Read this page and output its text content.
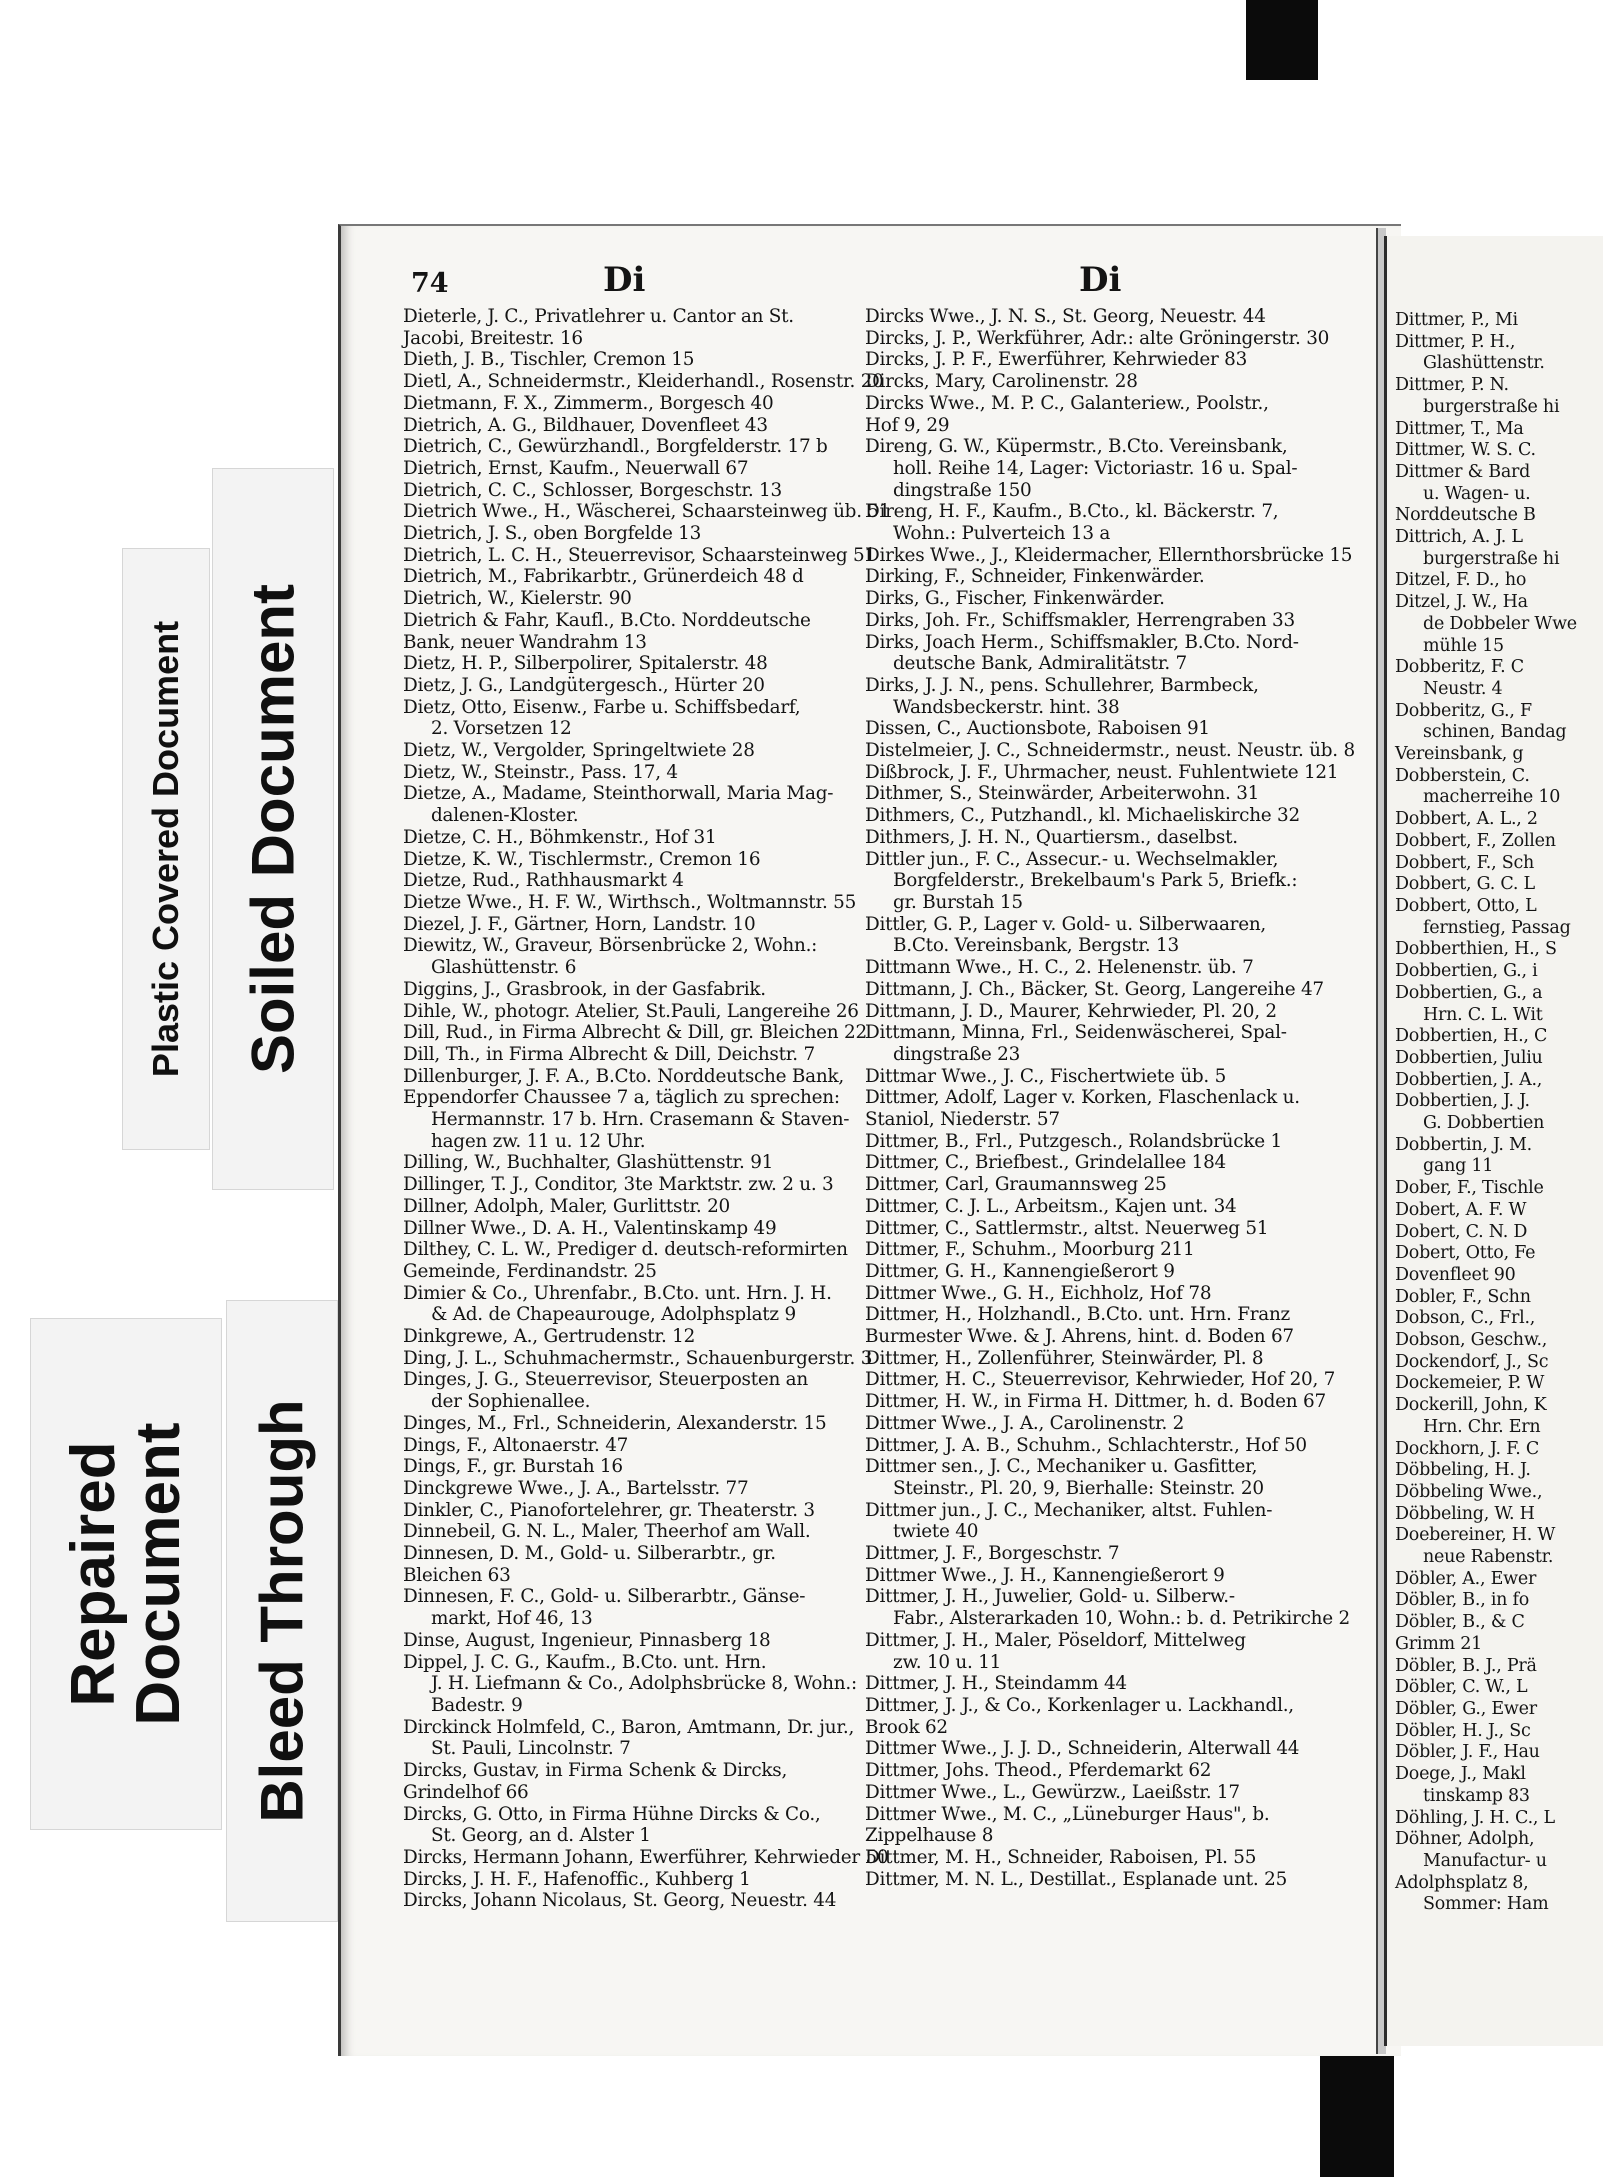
Plastic Covered Document Soiled Document
Repaired
Document Bleed Through
74	Di	Di
Dieterle, J. C., Privatlehrer u. Cantor an St.
Jacobi, Breitestr. 16
Dieth, J. B., Tischler, Cremon 15
Dietl, A., Schneidermstr., Kleiderhandl., Rosenstr. 20
Dietmann, F. X., Zimmerm., Borgesch 40
Dietrich, A. G., Bildhauer, Dovenfleet 43
Dietrich, C., Gewürzhandl., Borgfelderstr. 17 b
Dietrich, Ernst, Kaufm., Neuerwall 67
Dietrich, C. C., Schlosser, Borgeschstr. 13
Dietrich Wwe., H., Wäscherei, Schaarsteinweg üb. 51
Dietrich, J. S., oben Borgfelde 13
Dietrich, L. C. H., Steuerrevisor, Schaarsteinweg 51
Dietrich, M., Fabrikarbtr., Grünerdeich 48 d
Dietrich, W., Kielerstr. 90
Dietrich & Fahr, Kaufl., B.Cto. Norddeutsche
Bank, neuer Wandrahm 13
Dietz, H. P., Silberpolirer, Spitalerstr. 48
Dietz, J. G., Landgütergesch., Hürter 20
Dietz, Otto, Eisenw., Farbe u. Schiffsbedarf,
2. Vorsetzen 12
Dietz, W., Vergolder, Springeltwiete 28
Dietz, W., Steinstr., Pass. 17, 4
Dietze, A., Madame, Steinthorwall, Maria Mag-
dalenen-Kloster.
Dietze, C. H., Böhmkenstr., Hof 31
Dietze, K. W., Tischlermstr., Cremon 16
Dietze, Rud., Rathhausmarkt 4
Dietze Wwe., H. F. W., Wirthsch., Woltmannstr. 55
Diezel, J. F., Gärtner, Horn, Landstr. 10
Diewitz, W., Graveur, Börsenbrücke 2, Wohn.:
Glashüttenstr. 6
Diggins, J., Grasbrook, in der Gasfabrik.
Dihle, W., photogr. Atelier, St.Pauli, Langereihe 26
Dill, Rud., in Firma Albrecht & Dill, gr. Bleichen 22
Dill, Th., in Firma Albrecht & Dill, Deichstr. 7
Dillenburger, J. F. A., B.Cto. Norddeutsche Bank,
Eppendorfer Chaussee 7 a, täglich zu sprechen:
Hermannstr. 17 b. Hrn. Crasemann & Staven-
hagen zw. 11 u. 12 Uhr.
Dilling, W., Buchhalter, Glashüttenstr. 91
Dillinger, T. J., Conditor, 3te Marktstr. zw. 2 u. 3
Dillner, Adolph, Maler, Gurlittstr. 20
Dillner Wwe., D. A. H., Valentinskamp 49
Dilthey, C. L. W., Prediger d. deutsch-reformirten
Gemeinde, Ferdinandstr. 25
Dimier & Co., Uhrenfabr., B.Cto. unt. Hrn. J. H.
& Ad. de Chapeaurouge, Adolphsplatz 9
Dinkgrewe, A., Gertrudenstr. 12
Ding, J. L., Schuhmachermstr., Schauenburgerstr. 3
Dinges, J. G., Steuerrevisor, Steuerposten an
der Sophienallee.
Dinges, M., Frl., Schneiderin, Alexanderstr. 15
Dings, F., Altonaerstr. 47
Dings, F., gr. Burstah 16
Dinckgrewe Wwe., J. A., Bartelsstr. 77
Dinkler, C., Pianofortelehrer, gr. Theaterstr. 3
Dinnebeil, G. N. L., Maler, Theerhof am Wall.
Dinnesen, D. M., Gold- u. Silberarbtr., gr.
Bleichen 63
Dinnesen, F. C., Gold- u. Silberarbtr., Gänse-
markt, Hof 46, 13
Dinse, August, Ingenieur, Pinnasberg 18
Dippel, J. C. G., Kaufm., B.Cto. unt. Hrn.
J. H. Liefmann & Co., Adolphsbrücke 8, Wohn.:
Badestr. 9
Dirckinck Holmfeld, C., Baron, Amtmann, Dr. jur.,
St. Pauli, Lincolnstr. 7
Dircks, Gustav, in Firma Schenk & Dircks,
Grindelhof 66
Dircks, G. Otto, in Firma Hühne Dircks & Co.,
St. Georg, an d. Alster 1
Dircks, Hermann Johann, Ewerführer, Kehrwieder 50
Dircks, J. H. F., Hafenoffic., Kuhberg 1
Dircks, Johann Nicolaus, St. Georg, Neuestr. 44
Dircks Wwe., J. N. S., St. Georg, Neuestr. 44
Dircks, J. P., Werkführer, Adr.: alte Gröningerstr. 30
Dircks, J. P. F., Ewerführer, Kehrwieder 83
Dircks, Mary, Carolinenstr. 28
Dircks Wwe., M. P. C., Galanteriew., Poolstr.,
Hof 9, 29
Direng, G. W., Küpermstr., B.Cto. Vereinsbank,
holl. Reihe 14, Lager: Victoriastr. 16 u. Spal-
dingstraße 150
Direng, H. F., Kaufm., B.Cto., kl. Bäckerstr. 7,
Wohn.: Pulverteich 13 a
Dirkes Wwe., J., Kleidermacher, Ellernthorsbrücke 15
Dirking, F., Schneider, Finkenwärder.
Dirks, G., Fischer, Finkenwärder.
Dirks, Joh. Fr., Schiffsmakler, Herrengraben 33
Dirks, Joach Herm., Schiffsmakler, B.Cto. Nord-
deutsche Bank, Admiralitätstr. 7
Dirks, J. J. N., pens. Schullehrer, Barmbeck,
Wandsbeckerstr. hint. 38
Dissen, C., Auctionsbote, Raboisen 91
Distelmeier, J. C., Schneidermstr., neust. Neustr. üb. 8
Dißbrock, J. F., Uhrmacher, neust. Fuhlentwiete 121
Dithmer, S., Steinwärder, Arbeiterwohn. 31
Dithmers, C., Putzhandl., kl. Michaeliskirche 32
Dithmers, J. H. N., Quartiersm., daselbst.
Dittler jun., F. C., Assecur.- u. Wechselmakler,
Borgfelderstr., Brekelbaum's Park 5, Briefk.:
gr. Burstah 15
Dittler, G. P., Lager v. Gold- u. Silberwaaren,
B.Cto. Vereinsbank, Bergstr. 13
Dittmann Wwe., H. C., 2. Helenenstr. üb. 7
Dittmann, J. Ch., Bäcker, St. Georg, Langereihe 47
Dittmann, J. D., Maurer, Kehrwieder, Pl. 20, 2
Dittmann, Minna, Frl., Seidenwäscherei, Spal-
dingstraße 23
Dittmar Wwe., J. C., Fischertwiete üb. 5
Dittmer, Adolf, Lager v. Korken, Flaschenlack u.
Staniol, Niederstr. 57
Dittmer, B., Frl., Putzgesch., Rolandsbrücke 1
Dittmer, C., Briefbest., Grindelallee 184
Dittmer, Carl, Graumannsweg 25
Dittmer, C. J. L., Arbeitsm., Kajen unt. 34
Dittmer, C., Sattlermstr., altst. Neuerweg 51
Dittmer, F., Schuhm., Moorburg 211
Dittmer, G. H., Kannengießerort 9
Dittmer Wwe., G. H., Eichholz, Hof 78
Dittmer, H., Holzhandl., B.Cto. unt. Hrn. Franz
Burmester Wwe. & J. Ahrens, hint. d. Boden 67
Dittmer, H., Zollenführer, Steinwärder, Pl. 8
Dittmer, H. C., Steuerrevisor, Kehrwieder, Hof 20, 7
Dittmer, H. W., in Firma H. Dittmer, h. d. Boden 67
Dittmer Wwe., J. A., Carolinenstr. 2
Dittmer, J. A. B., Schuhm., Schlachterstr., Hof 50
Dittmer sen., J. C., Mechaniker u. Gasfitter,
Steinstr., Pl. 20, 9, Bierhalle: Steinstr. 20
Dittmer jun., J. C., Mechaniker, altst. Fuhlen-
twiete 40
Dittmer, J. F., Borgeschstr. 7
Dittmer Wwe., J. H., Kannengießerort 9
Dittmer, J. H., Juwelier, Gold- u. Silberw.-
Fabr., Alsterarkaden 10, Wohn.: b. d. Petrikirche 2
Dittmer, J. H., Maler, Pöseldorf, Mittelweg
zw. 10 u. 11
Dittmer, J. H., Steindamm 44
Dittmer, J. J., & Co., Korkenlager u. Lackhandl.,
Brook 62
Dittmer Wwe., J. J. D., Schneiderin, Alterwall 44
Dittmer, Johs. Theod., Pferdemarkt 62
Dittmer Wwe., L., Gewürzw., Laeißstr. 17
Dittmer Wwe., M. C., „Lüneburger Haus", b.
Zippelhause 8
Dittmer, M. H., Schneider, Raboisen, Pl. 55
Dittmer, M. N. L., Destillat., Esplanade unt. 25
Dittmer, P., Mi
Dittmer, P. H.,
Glashüttenstr.
Dittmer, P. N.
burgerstraße hi
Dittmer, T., Ma
Dittmer, W. S. C.
Dittmer & Bard
u. Wagen- u.
Norddeutsche B
Dittrich, A. J. L
burgerstraße hi
Ditzel, F. D., ho
Ditzel, J. W., Ha
de Dobbeler Wwe
mühle 15
Dobberitz, F. C
Neustr. 4
Dobberitz, G., F
schinen, Bandag
Vereinsbank, g
Dobberstein, C.
macherreihe 10
Dobbert, A. L., 2
Dobbert, F., Zollen
Dobbert, F., Sch
Dobbert, G. C. L
Dobbert, Otto, L
fernstieg, Passag
Dobberthien, H., S
Dobbertien, G., i
Dobbertien, G., a
Hrn. C. L. Wit
Dobbertien, H., C
Dobbertien, Juliu
Dobbertien, J. A.,
Dobbertien, J. J.
G. Dobbertien
Dobbertin, J. M.
gang 11
Dober, F., Tischle
Dobert, A. F. W
Dobert, C. N. D
Dobert, Otto, Fe
Dovenfleet 90
Dobler, F., Schn
Dobson, C., Frl.,
Dobson, Geschw.,
Dockendorf, J., Sc
Dockemeier, P. W
Dockerill, John, K
Hrn. Chr. Ern
Dockhorn, J. F. C
Döbbeling, H. J.
Döbbeling Wwe.,
Döbbeling, W. H
Doebereiner, H. W
neue Rabenstr.
Döbler, A., Ewer
Döbler, B., in fo
Döbler, B., & C
Grimm 21
Döbler, B. J., Prä
Döbler, C. W., L
Döbler, G., Ewer
Döbler, H. J., Sc
Döbler, J. F., Hau
Doege, J., Makl
tinskamp 83
Döhling, J. H. C., L
Döhner, Adolph,
Manufactur- u
Adolphsplatz 8,
Sommer: Ham
